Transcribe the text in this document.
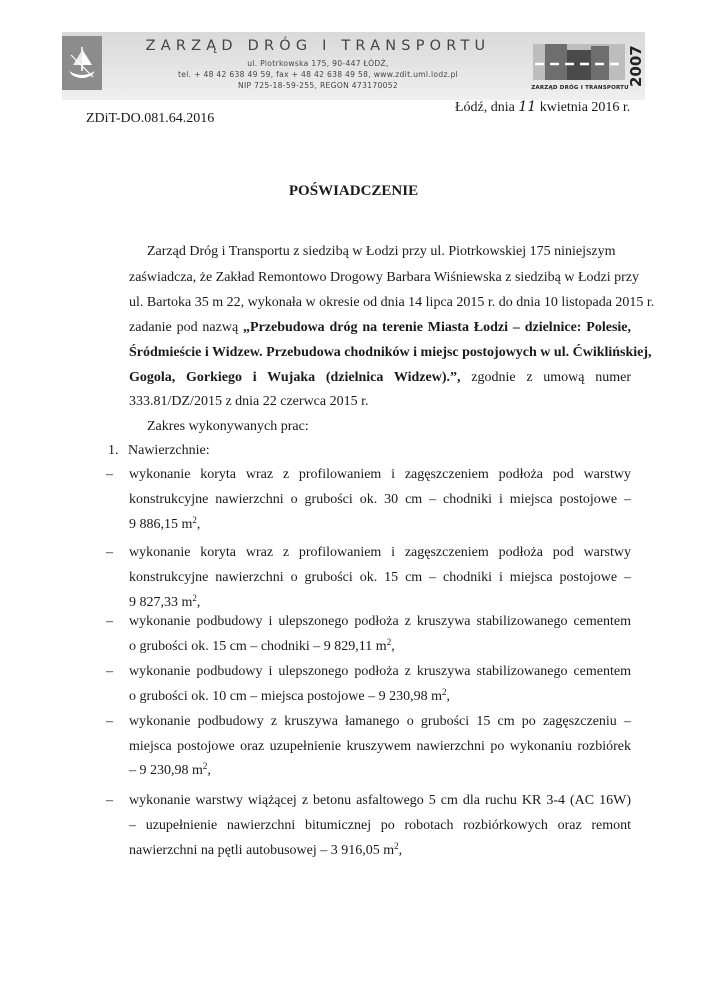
ZARZĄD DRÓG I TRANSPORTU
ul. Piotrkowska 175, 90-447 ŁÓDŹ,
tel. + 48 42 638 49 59, fax + 48 42 638 49 58, www.zdit.uml.lodz.pl
NIP 725-18-59-255, REGON 473170052	ZARZĄD DRÓG I TRANSPORTU
2007
Łódź, dnia 11 kwietnia 2016 r.
ZDiT-DO.081.64.2016
POŚWIADCZENIE
Zarząd Dróg i Transportu z siedzibą w Łodzi przy ul. Piotrkowskiej 175 niniejszym
zaświadcza, że Zakład Remontowo Drogowy Barbara Wiśniewska z siedzibą w Łodzi przy
ul. Bartoka 35 m 22, wykonała w okresie od dnia 14 lipca 2015 r. do dnia 10 listopada 2015 r.
zadanie pod nazwą „Przebudowa dróg na terenie Miasta Łodzi – dzielnice: Polesie,
Śródmieście i Widzew. Przebudowa chodników i miejsc postojowych w ul. Ćwiklińskiej,
Gogola, Gorkiego i Wujaka (dzielnica Widzew).”, zgodnie z umową numer
333.81/DZ/2015 z dnia 22 czerwca 2015 r.
Zakres wykonywanych prac:
1. Nawierzchnie:
– wykonanie koryta wraz z profilowaniem i zagęszczeniem podłoża pod warstwy
konstrukcyjne nawierzchni o grubości ok. 30 cm – chodniki i miejsca postojowe –
9 886,15 $m^2$,
– wykonanie koryta wraz z profilowaniem i zagęszczeniem podłoża pod warstwy
konstrukcyjne nawierzchni o grubości ok. 15 cm – chodniki i miejsca postojowe –
9 827,33 $m^2$,
– wykonanie podbudowy i ulepszonego podłoża z kruszywa stabilizowanego cementem
o grubości ok. 15 cm – chodniki – 9 829,11 $m^2$,
– wykonanie podbudowy i ulepszonego podłoża z kruszywa stabilizowanego cementem
o grubości ok. 10 cm – miejsca postojowe – 9 230,98 $m^2$,
– wykonanie podbudowy z kruszywa łamanego o grubości 15 cm po zagęszczeniu –
miejsca postojowe oraz uzupełnienie kruszywem nawierzchni po wykonaniu rozbiórek
– 9 230,98 $m^2$,
– wykonanie warstwy wiążącej z betonu asfaltowego 5 cm dla ruchu KR 3-4 (AC 16W)
– uzupełnienie nawierzchni bitumicznej po robotach rozbiórkowych oraz remont
nawierzchni na pętli autobusowej – 3 916,05 $m^2$,
